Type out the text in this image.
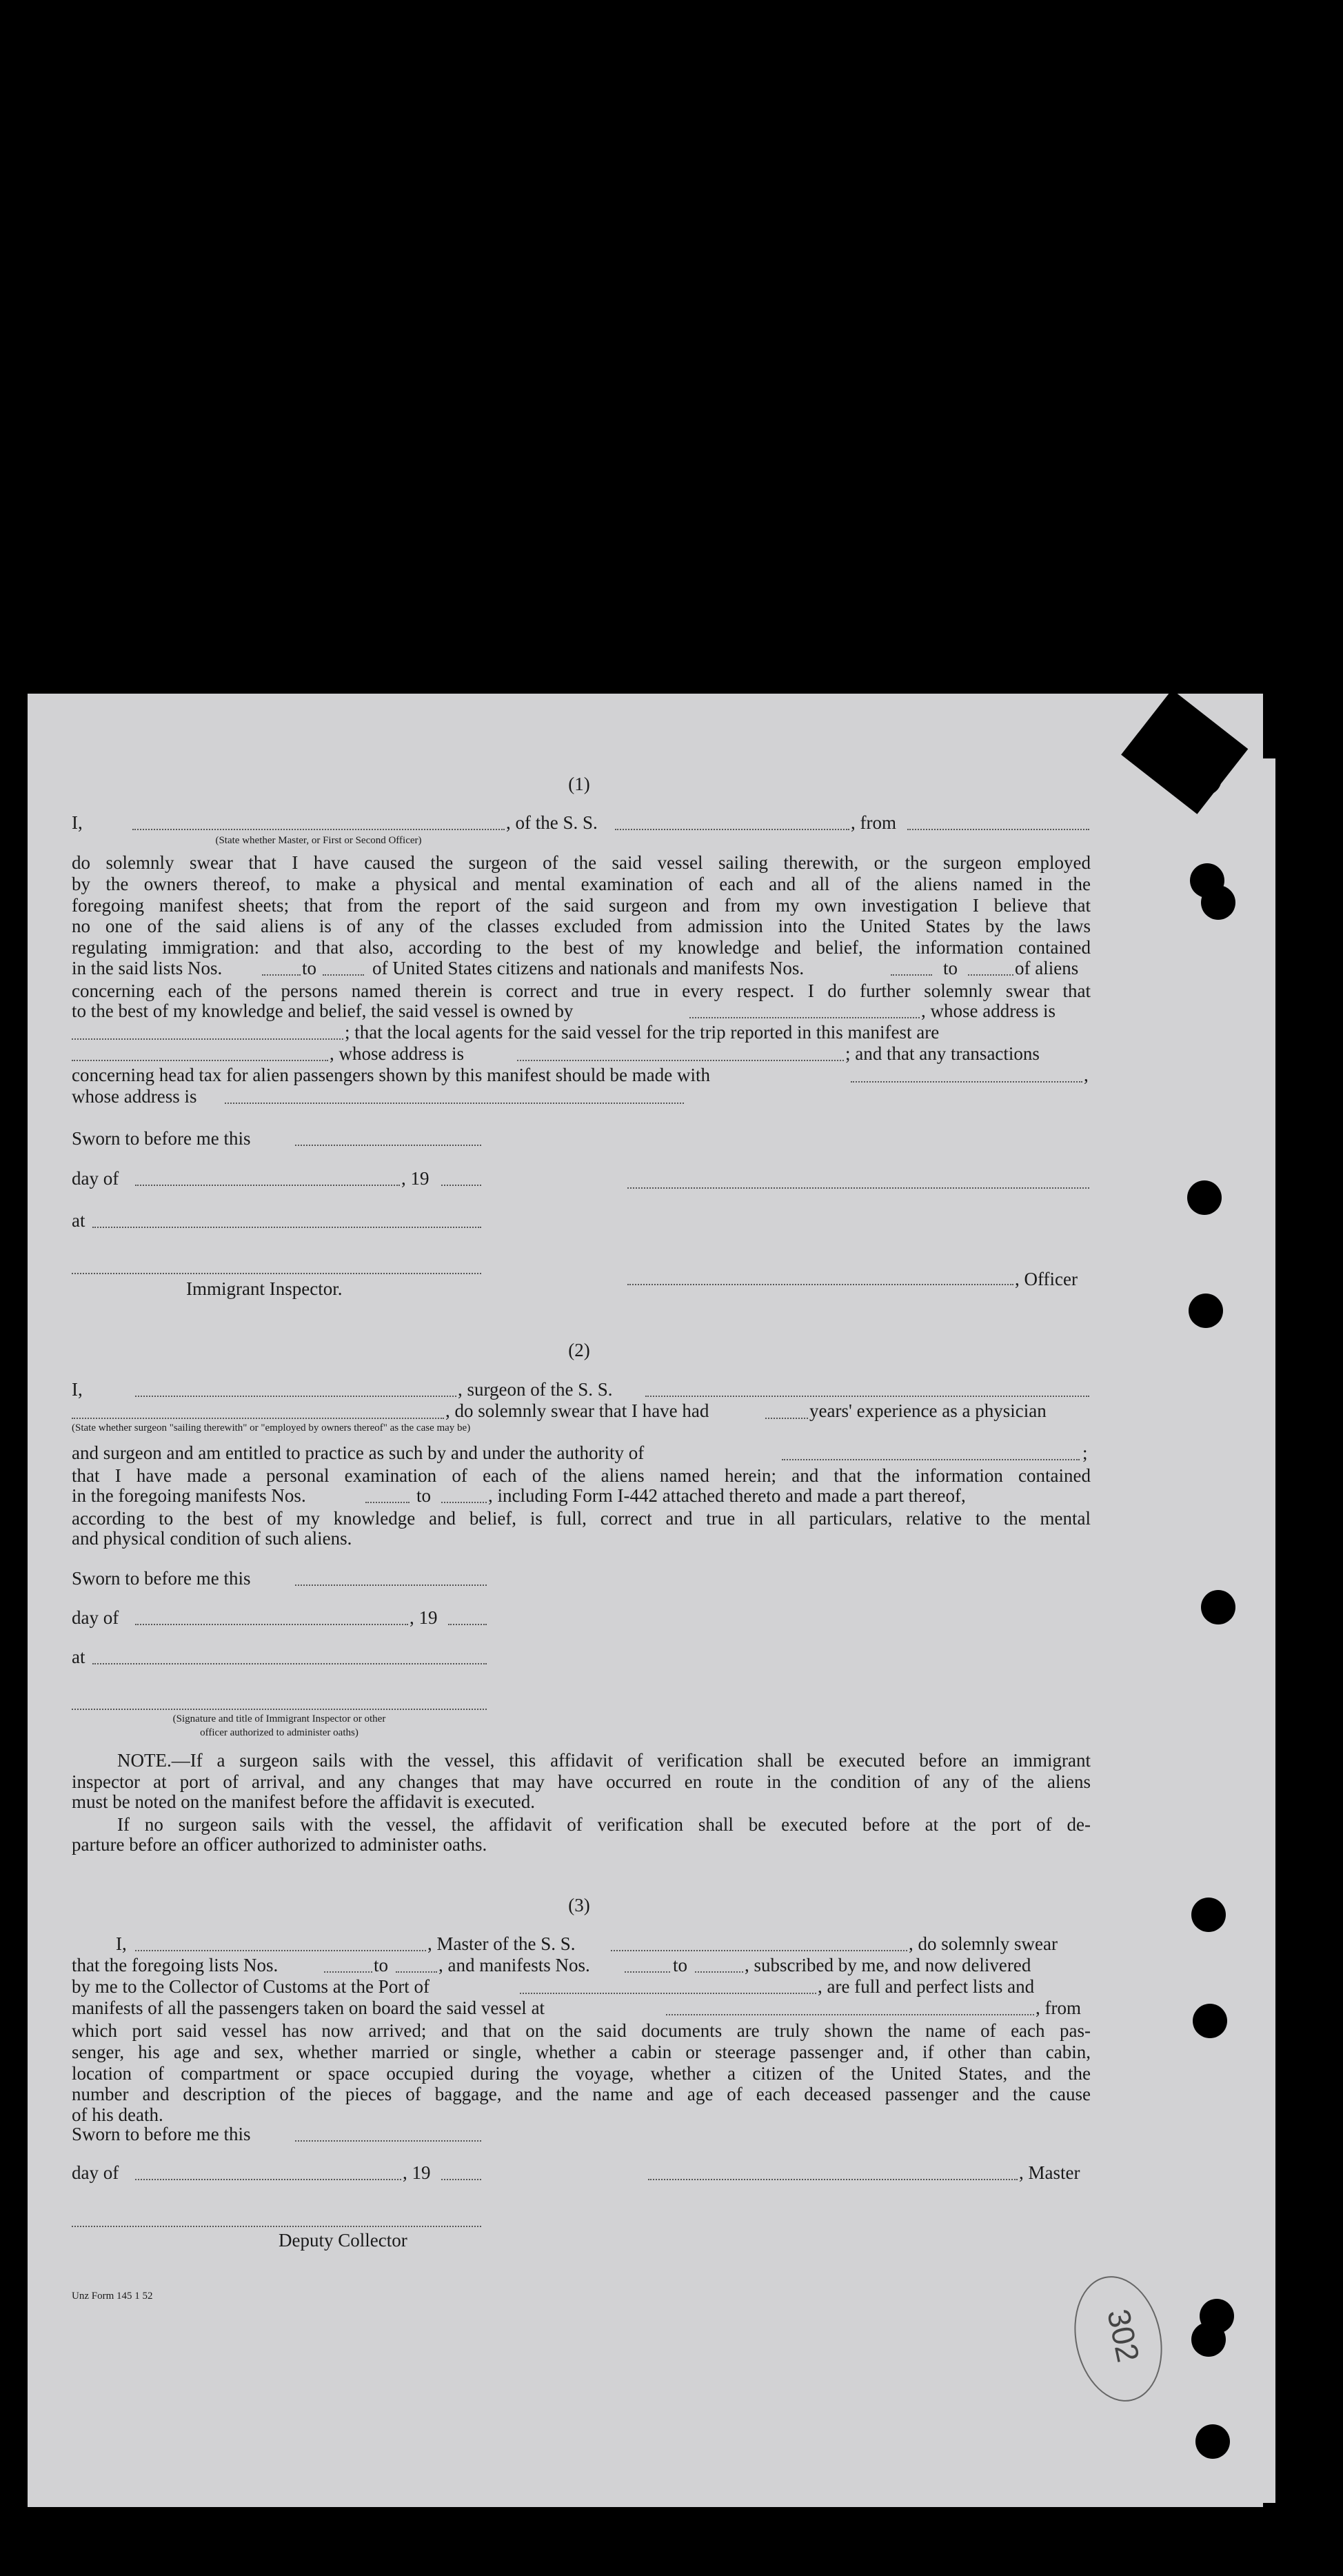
(1)
I,	, of the S. S.	, from
(State whether Master, or First or Second Officer)
do solemnly swear that I have caused the surgeon of the said vessel sailing therewith, or the surgeon employed
by the owners thereof, to make a physical and mental examination of each and all of the aliens named in the
foregoing manifest sheets; that from the report of the said surgeon and from my own investigation I believe that
no one of the said aliens is of any of the classes excluded from admission into the United States by the laws
regulating immigration: and that also, according to the best of my knowledge and belief, the information contained
in the said lists Nos.	to	of United States citizens and nationals and manifests Nos.	to	of aliens
concerning each of the persons named therein is correct and true in every respect. I do further solemnly swear that
to the best of my knowledge and belief, the said vessel is owned by	, whose address is
; that the local agents for the said vessel for the trip reported in this manifest are
, whose address is	; and that any transactions
concerning head tax for alien passengers shown by this manifest should be made with	,
whose address is
Sworn to before me this
day of	, 19
at
, Officer
Immigrant Inspector.
(2)
I,	, surgeon of the S. S.
, do solemnly swear that I have had	years' experience as a physician
(State whether surgeon "sailing therewith" or "employed by owners thereof" as the case may be)
and surgeon and am entitled to practice as such by and under the authority of	;
that I have made a personal examination of each of the aliens named herein; and that the information contained
in the foregoing manifests Nos.	to	, including Form I-442 attached thereto and made a part thereof,
according to the best of my knowledge and belief, is full, correct and true in all particulars, relative to the mental
and physical condition of such aliens.
Sworn to before me this
day of	, 19
at
(Signature and title of Immigrant Inspector or other
officer authorized to administer oaths)
NOTE.—If a surgeon sails with the vessel, this affidavit of verification shall be executed before an immigrant
inspector at port of arrival, and any changes that may have occurred en route in the condition of any of the aliens
must be noted on the manifest before the affidavit is executed.
If no surgeon sails with the vessel, the affidavit of verification shall be executed before at the port of de-
parture before an officer authorized to administer oaths.
(3)
I,	, Master of the S. S.	, do solemnly swear
that the foregoing lists Nos.	to	, and manifests Nos.	to	, subscribed by me, and now delivered
by me to the Collector of Customs at the Port of	, are full and perfect lists and
manifests of all the passengers taken on board the said vessel at	, from
which port said vessel has now arrived; and that on the said documents are truly shown the name of each pas-
senger, his age and sex, whether married or single, whether a cabin or steerage passenger and, if other than cabin,
location of compartment or space occupied during the voyage, whether a citizen of the United States, and the
number and description of the pieces of baggage, and the name and age of each deceased passenger and the cause
of his death.
Sworn to before me this
day of	, 19	, Master
Deputy Collector
Unz Form 145 1 52
302
